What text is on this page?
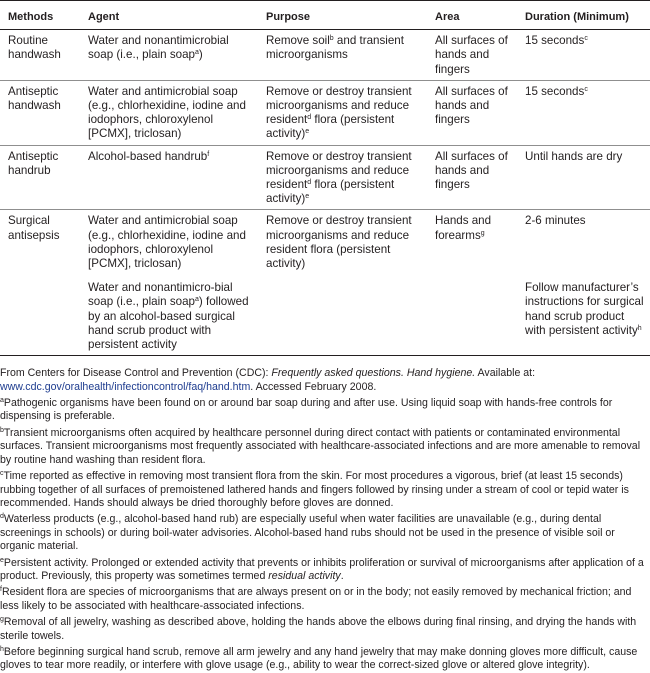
Methods	Agent	Purpose	Area	Duration (Minimum)
Routine handwash	Water and nonantimicrobial soap (i.e., plain soap$^a$)	Remove soil$^b$ and transient microorganisms	All surfaces of hands and fingers	15 seconds$^c$
Antiseptic handwash	Water and antimicrobial soap (e.g., chlorhexidine, iodine and iodophors, chloroxylenol [PCMX], triclosan)	Remove or destroy transient microorganisms and reduce resident$^d$ flora (persistent activity)$^e$	All surfaces of hands and fingers	15 seconds$^c$
Antiseptic handrub	Alcohol-based handrub$^f$	Remove or destroy transient microorganisms and reduce resident$^d$ flora (persistent activity)$^e$	All surfaces of hands and fingers	Until hands are dry
Surgical antisepsis	Water and antimicrobial soap (e.g., chlorhexidine, iodine and iodophors, chloroxylenol [PCMX], triclosan)	Remove or destroy transient microorganisms and reduce resident flora (persistent activity)	Hands and forearms$^g$	2-6 minutes
	Water and nonantimicro-bial soap (i.e., plain soap$^a$) followed by an alcohol-based surgical hand scrub product with persistent activity			Follow manufacturer’s instructions for surgical hand scrub product with persistent activity$^h$

From Centers for Disease Control and Prevention (CDC): Frequently asked questions. Hand hygiene. Available at: www.cdc.gov/oralhealth/infectioncontrol/faq/hand.htm. Accessed February 2008.

$^a$Pathogenic organisms have been found on or around bar soap during and after use. Using liquid soap with hands-free controls for dispensing is preferable.

$^b$Transient microorganisms often acquired by healthcare personnel during direct contact with patients or contaminated environmental surfaces. Transient microorganisms most frequently associated with healthcare-associated infections and are more amenable to removal by routine hand washing than resident flora.

$^c$Time reported as effective in removing most transient flora from the skin. For most procedures a vigorous, brief (at least 15 seconds) rubbing together of all surfaces of premoistened lathered hands and fingers followed by rinsing under a stream of cool or tepid water is recommended. Hands should always be dried thoroughly before gloves are donned.

$^d$Waterless products (e.g., alcohol-based hand rub) are especially useful when water facilities are unavailable (e.g., during dental screenings in schools) or during boil-water advisories. Alcohol-based hand rubs should not be used in the presence of visible soil or organic material.

$^e$Persistent activity. Prolonged or extended activity that prevents or inhibits proliferation or survival of microorganisms after application of a product. Previously, this property was sometimes termed residual activity.

$^f$Resident flora are species of microorganisms that are always present on or in the body; not easily removed by mechanical friction; and less likely to be associated with healthcare-associated infections.

$^g$Removal of all jewelry, washing as described above, holding the hands above the elbows during final rinsing, and drying the hands with sterile towels.

$^h$Before beginning surgical hand scrub, remove all arm jewelry and any hand jewelry that may make donning gloves more difficult, cause gloves to tear more readily, or interfere with glove usage (e.g., ability to wear the correct-sized glove or altered glove integrity).
